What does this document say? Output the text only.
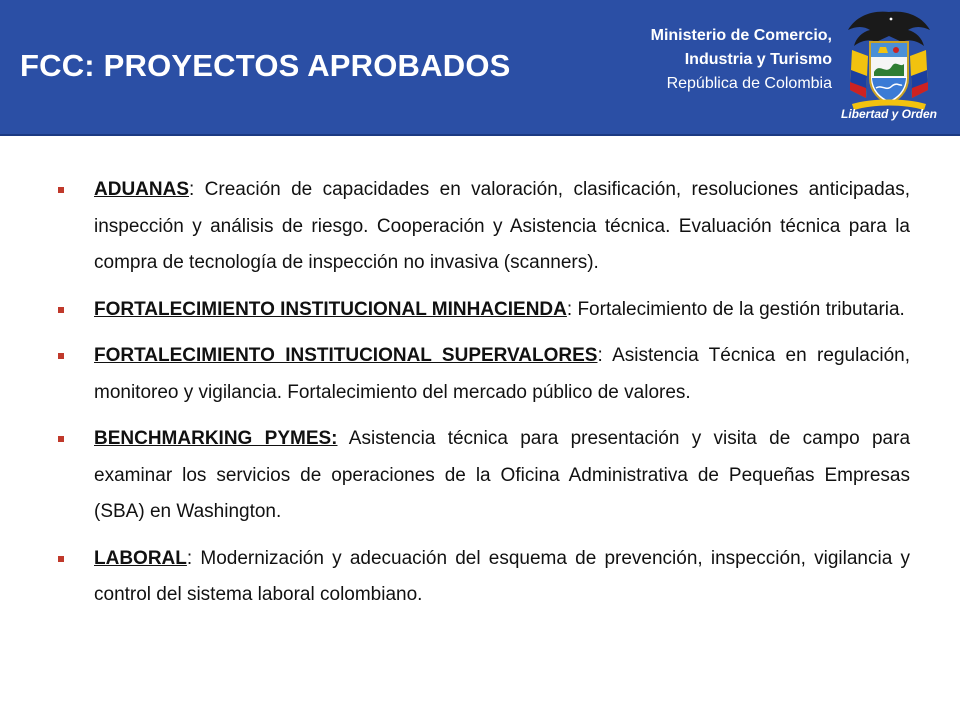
FCC: PROYECTOS APROBADOS
Ministerio de Comercio,
Industria y Turismo
República de Colombia
Libertad y Orden
ADUANAS: Creación de capacidades en valoración, clasificación, resoluciones anticipadas, inspección y análisis de riesgo. Cooperación y Asistencia técnica. Evaluación técnica para la compra de tecnología de inspección no invasiva (scanners).
FORTALECIMIENTO INSTITUCIONAL MINHACIENDA: Fortalecimiento de la gestión tributaria.
FORTALECIMIENTO INSTITUCIONAL SUPERVALORES: Asistencia Técnica en regulación, monitoreo y vigilancia. Fortalecimiento del mercado público de valores.
BENCHMARKING PYMES: Asistencia técnica para presentación y visita de campo para examinar los servicios de operaciones de la Oficina Administrativa de Pequeñas Empresas (SBA) en Washington.
LABORAL: Modernización y adecuación del esquema de prevención, inspección, vigilancia y control del sistema laboral colombiano.
